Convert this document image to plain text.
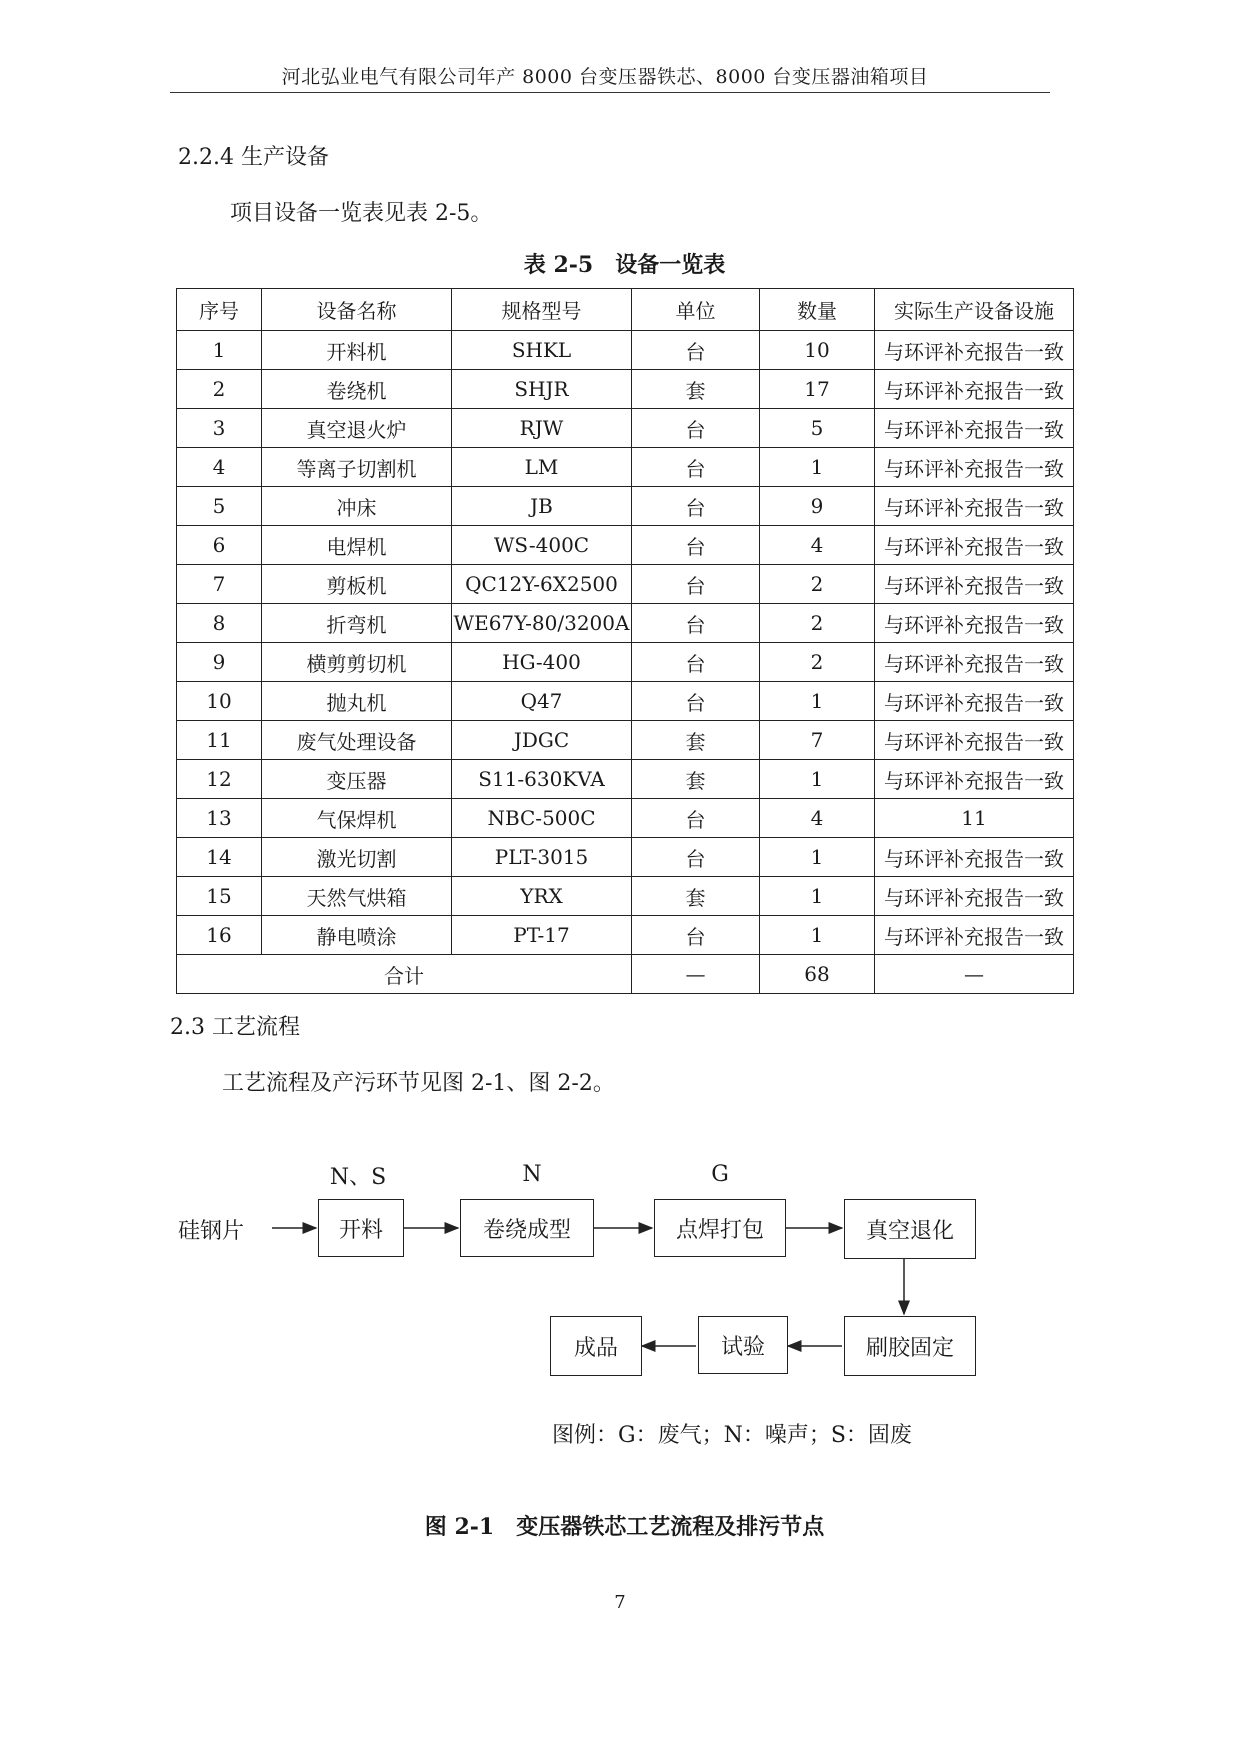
河北弘业电气有限公司年产 8000 台变压器铁芯、8000 台变压器油箱项目
2.2.4 生产设备
项目设备一览表见表 2-5。
表 2-5 设备一览表
序号	设备名称	规格型号	单位	数量	实际生产设备设施
1	开料机	SHKL	台	10	与环评补充报告一致
2	卷绕机	SHJR	套	17	与环评补充报告一致
3	真空退火炉	RJW	台	5	与环评补充报告一致
4	等离子切割机	LM	台	1	与环评补充报告一致
5	冲床	JB	台	9	与环评补充报告一致
6	电焊机	WS-400C	台	4	与环评补充报告一致
7	剪板机	QC12Y-6X2500	台	2	与环评补充报告一致
8	折弯机	WE67Y-80/3200A	台	2	与环评补充报告一致
9	横剪剪切机	HG-400	台	2	与环评补充报告一致
10	抛丸机	Q47	台	1	与环评补充报告一致
11	废气处理设备	JDGC	套	7	与环评补充报告一致
12	变压器	S11-630KVA	套	1	与环评补充报告一致
13	气保焊机	NBC-500C	台	4	11
14	激光切割	PLT-3015	台	1	与环评补充报告一致
15	天然气烘箱	YRX	套	1	与环评补充报告一致
16	静电喷涂	PT-17	台	1	与环评补充报告一致
合计			—	68	—
2.3 工艺流程
工艺流程及产污环节见图 2-1、图 2-2。
N、S	N	G
硅钢片	开料	卷绕成型	点焊打包	真空退化
刷胶固定
试验
成品
图例：G：废气；N：噪声；S：固废
图 2-1 变压器铁芯工艺流程及排污节点
7
